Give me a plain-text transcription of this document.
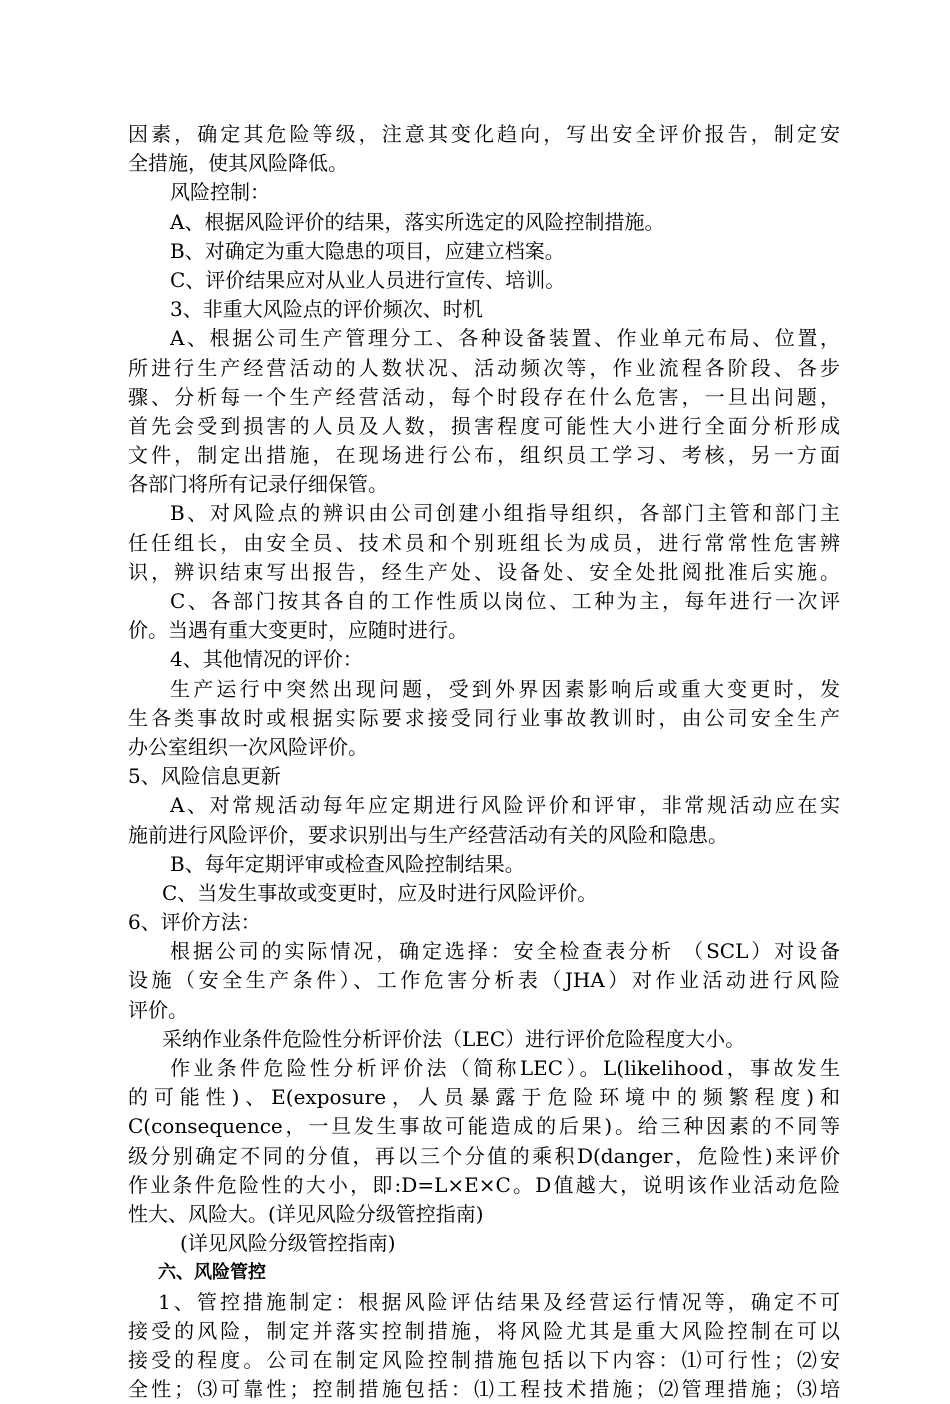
因素，确定其危险等级，注意其变化趋向，写出安全评价报告，制定安
全措施，使其风险降低。
风险控制：
A、根据风险评价的结果，落实所选定的风险控制措施。
B、对确定为重大隐患的项目，应建立档案。
C、评价结果应对从业人员进行宣传、培训。
3、非重大风险点的评价频次、时机
A、根据公司生产管理分工、各种设备装置、作业单元布局、位置，
所进行生产经营活动的人数状况、活动频次等，作业流程各阶段、各步
骤、分析每一个生产经营活动，每个时段存在什么危害，一旦出问题，
首先会受到损害的人员及人数，损害程度可能性大小进行全面分析形成
文件，制定出措施，在现场进行公布，组织员工学习、考核，另一方面
各部门将所有记录仔细保管。
B、对风险点的辨识由公司创建小组指导组织，各部门主管和部门主
任任组长，由安全员、技术员和个别班组长为成员，进行常常性危害辨
识，辨识结束写出报告，经生产处、设备处、安全处批阅批准后实施。
C、各部门按其各自的工作性质以岗位、工种为主，每年进行一次评
价。当遇有重大变更时，应随时进行。
4、其他情况的评价：
生产运行中突然出现问题，受到外界因素影响后或重大变更时，发
生各类事故时或根据实际要求接受同行业事故教训时，由公司安全生产
办公室组织一次风险评价。
5、风险信息更新
A、对常规活动每年应定期进行风险评价和评审，非常规活动应在实
施前进行风险评价，要求识别出与生产经营活动有关的风险和隐患。
B、每年定期评审或检查风险控制结果。
C、当发生事故或变更时，应及时进行风险评价。
6、评价方法：
根据公司的实际情况，确定选择：安全检查表分析 （SCL）对设备
设施（安全生产条件）、工作危害分析表（JHA）对作业活动进行风险
评价。
采纳作业条件危险性分析评价法（LEC）进行评价危险程度大小。
作业条件危险性分析评价法（简称LEC）。L(likelihood，事故发生
的可能性)、E(exposure，人员暴露于危险环境中的频繁程度)和
C(consequence，一旦发生事故可能造成的后果)。给三种因素的不同等
级分别确定不同的分值，再以三个分值的乘积D(danger，危险性)来评价
作业条件危险性的大小，即:D=L×E×C。D值越大，说明该作业活动危险
性大、风险大。(详见风险分级管控指南)
(详见风险分级管控指南)
六、风险管控
1、管控措施制定：根据风险评估结果及经营运行情况等，确定不可
接受的风险，制定并落实控制措施，将风险尤其是重大风险控制在可以
接受的程度。公司在制定风险控制措施包括以下内容：⑴可行性；⑵安
全性；⑶可靠性；控制措施包括：⑴工程技术措施；⑵管理措施；⑶培
